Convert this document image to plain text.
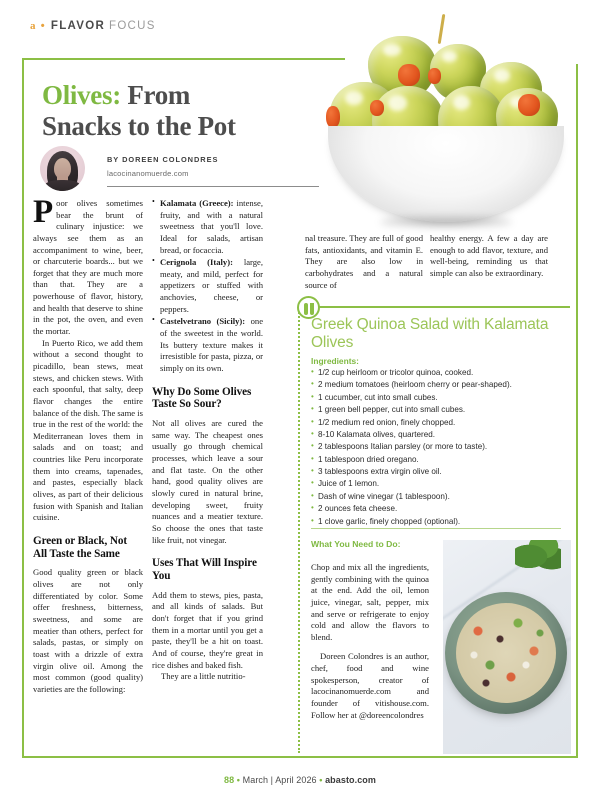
a • FLAVOR FOCUS
Olives: From
Snacks to the Pot
BY DOREEN COLONDRES
lacocinanomuerde.com

Poor olives sometimes bear the brunt of culinary injustice: we always see them as an accompaniment to wine, beer, or charcuterie boards... but we forget that they are much more than that. They are a powerhouse of flavor, history, and health that deserve to shine in the pot, the oven, and even the mortar.

In Puerto Rico, we add them without a second thought to picadillo, bean stews, meat stews, and chicken stews. With each spoonful, that salty, deep flavor changes the entire balance of the dish. The same is true in the rest of the world: the Mediterranean loves them in salads and on toast; and countries like Peru incorporate them into creams, tapenades, and pastes, especially black olives, as part of their delicious fusion with Spanish and Italian cuisine.

Green or Black, Not All Taste the Same

Good quality green or black olives are not only differentiated by color. Some offer freshness, bitterness, sweetness, and some are meatier than others, perfect for salads, pastas, or simply on toast with a drizzle of extra virgin olive oil. Among the most common (good quality) varieties are the following:

• Kalamata (Greece): intense, fruity, and with a natural sweetness that you'll love. Ideal for salads, artisan bread, or focaccia.
• Cerignola (Italy): large, meaty, and mild, perfect for appetizers or stuffed with anchovies, cheese, or peppers.
• Castelvetrano (Sicily): one of the sweetest in the world. Its buttery texture makes it irresistible for pasta, pizza, or simply on its own.
Why Do Some Olives Taste So Sour?

Not all olives are cured the same way. The cheapest ones usually go through chemical processes, which leave a sour and flat taste. On the other hand, good quality olives are slowly cured in natural brine, developing sweet, fruity nuances and a meatier texture. So choose the ones that taste like fruit, not vinegar.

Uses That Will Inspire You

Add them to stews, pies, pasta, and all kinds of salads. But don't forget that if you grind them in a mortar until you get a paste, they'll be a hit on toast. And of course, they're great in rice dishes and baked fish.

They are a little nutritio-

nal treasure. They are full of good fats, antioxidants, and vitamin E. They are also low in carbohydrates and a natural source of

healthy energy. A few a day are enough to add flavor, texture, and well-being, reminding us that simple can also be extraordinary.

Greek Quinoa Salad with Kalamata Olives
Ingredients:
• 1/2 cup heirloom or tricolor quinoa, cooked.
• 2 medium tomatoes (heirloom cherry or pear-shaped).
• 1 cucumber, cut into small cubes.
• 1 green bell pepper, cut into small cubes.
• 1/2 medium red onion, finely chopped.
• 8-10 Kalamata olives, quartered.
• 2 tablespoons Italian parsley (or more to taste).
• 1 tablespoon dried oregano.
• 3 tablespoons extra virgin olive oil.
• Juice of 1 lemon.
• Dash of wine vinegar (1 tablespoon).
• 2 ounces feta cheese.
• 1 clove garlic, finely chopped (optional).
What You Need to Do:

Chop and mix all the ingredients, gently combining with the quinoa at the end. Add the oil, lemon juice, vinegar, salt, pepper, mix and serve or refrigerate to enjoy cold and allow the flavors to blend.

Doreen Colondres is an author, chef, food and wine spokesperson, creator of lacocinanomuerde.com and founder of vitishouse.com. Follow her at @doreencolondres

88 • March | April 2026 • abasto.com
